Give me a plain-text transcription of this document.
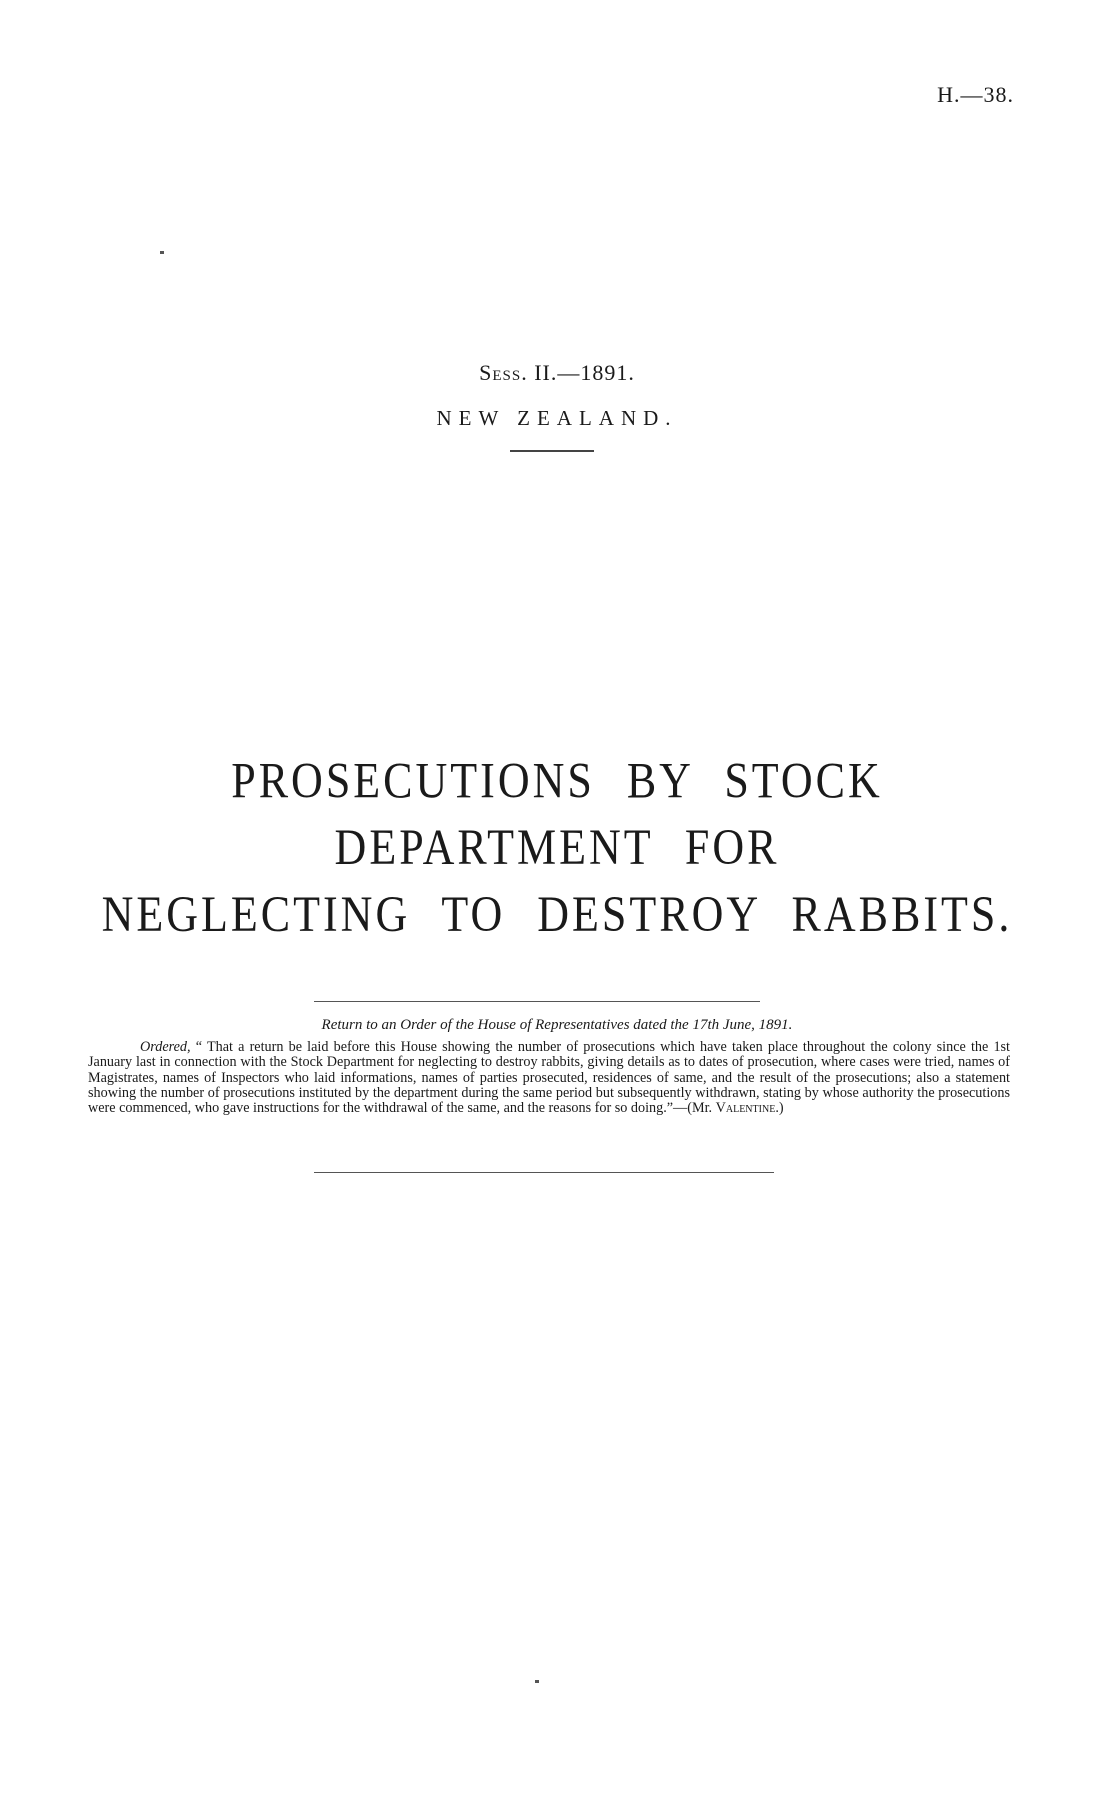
H.—38.
Sess. II.—1891.
NEW ZEALAND.
PROSECUTIONS BY STOCK DEPARTMENT FOR
NEGLECTING TO DESTROY RABBITS.
Return to an Order of the House of Representatives dated the 17th June, 1891.

Ordered, “ That a return be laid before this House showing the number of prosecutions which have taken place throughout the colony since the 1st January last in connection with the Stock Department for neglecting to destroy rabbits, giving details as to dates of prosecution, where cases were tried, names of Magistrates, names of Inspectors who laid informations, names of parties prosecuted, residences of same, and the result of the prosecutions; also a statement showing the number of prosecutions instituted by the department during the same period but subsequently withdrawn, stating by whose authority the prosecutions were commenced, who gave instructions for the withdrawal of the same, and the reasons for so doing.”—(Mr. Valentine.)
